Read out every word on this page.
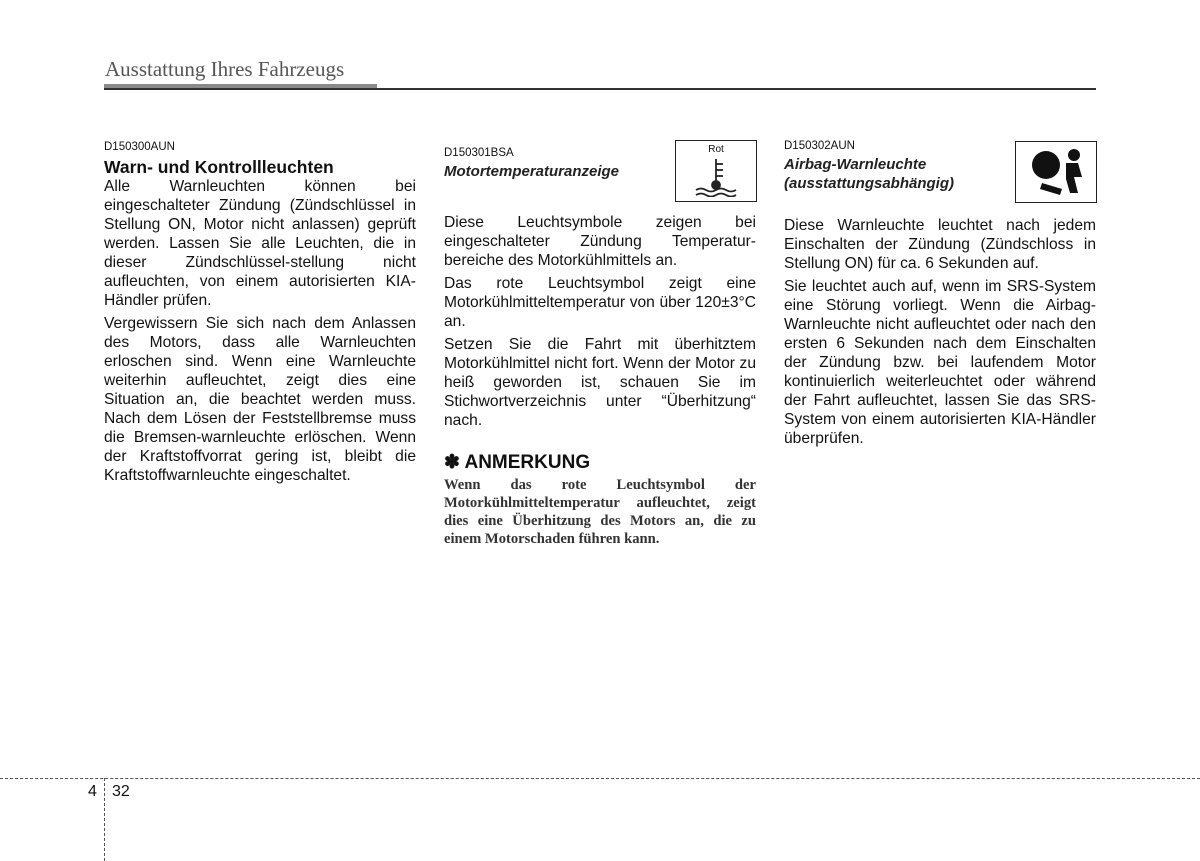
Ausstattung Ihres Fahrzeugs
D150300AUN
Warn- und Kontrollleuchten

Alle Warnleuchten können bei eingeschalteter Zündung (Zündschlüssel in Stellung ON, Motor nicht anlassen) geprüft werden. Lassen Sie alle Leuchten, die in dieser Zündschlüssel-stellung nicht aufleuchten, von einem autorisierten KIA-Händler prüfen.

Vergewissern Sie sich nach dem Anlassen des Motors, dass alle Warnleuchten erloschen sind. Wenn eine Warnleuchte weiterhin aufleuchtet, zeigt dies eine Situation an, die beachtet werden muss. Nach dem Lösen der Feststellbremse muss die Bremsen-warnleuchte erlöschen. Wenn der Kraftstoffvorrat gering ist, bleibt die Kraftstoffwarnleuchte eingeschaltet.

D150301BSA
Motortemperaturanzeige

Diese Leuchtsymbole zeigen bei eingeschalteter Zündung Temperatur-bereiche des Motorkühlmittels an.

Das rote Leuchtsymbol zeigt eine Motorkühlmitteltemperatur von über 120±3°C an.

Setzen Sie die Fahrt mit überhitztem Motorkühlmittel nicht fort. Wenn der Motor zu heiß geworden ist, schauen Sie im Stichwortverzeichnis unter “Überhitzung“ nach.

✽ ANMERKUNG
Wenn das rote Leuchtsymbol der Motorkühlmitteltemperatur aufleuchtet, zeigt dies eine Überhitzung des Motors an, die zu einem Motorschaden führen kann.
Rot	D150302AUN
Airbag-Warnleuchte (ausstattungsabhängig)

Diese Warnleuchte leuchtet nach jedem Einschalten der Zündung (Zündschloss in Stellung ON) für ca. 6 Sekunden auf.

Sie leuchtet auch auf, wenn im SRS-System eine Störung vorliegt. Wenn die Airbag-Warnleuchte nicht aufleuchtet oder nach den ersten 6 Sekunden nach dem Einschalten der Zündung bzw. bei laufendem Motor kontinuierlich weiterleuchtet oder während der Fahrt aufleuchtet, lassen Sie das SRS-System von einem autorisierten KIA-Händler überprüfen.

4 32
